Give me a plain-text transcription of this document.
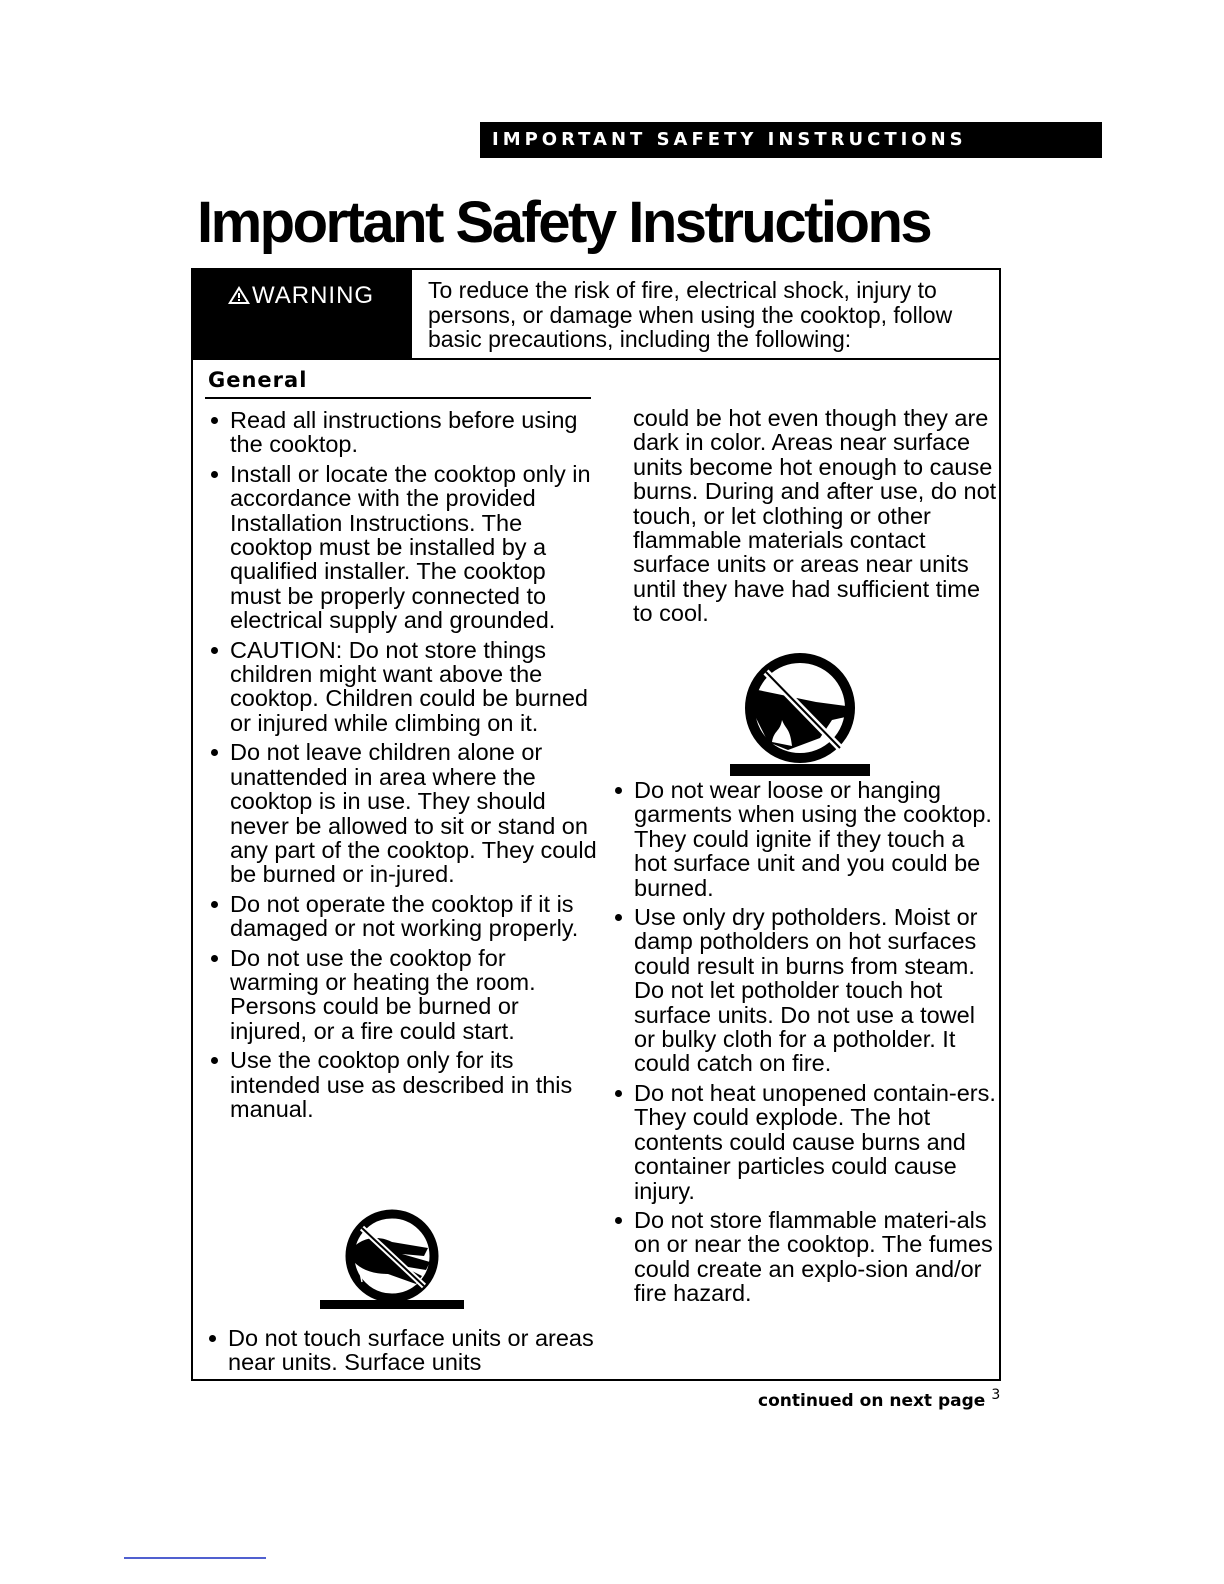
IMPORTANT SAFETY INSTRUCTIONS
Important Safety Instructions
WARNING	To reduce the risk of fire, electrical shock, injury to persons, or damage when using the cooktop, follow basic precautions, including the following:

General
Read all instructions before using the cooktop.
Install or locate the cooktop only in accordance with the provided Installation Instructions. The cooktop must be installed by a qualified installer. The cooktop must be properly connected to electrical supply and grounded.
CAUTION: Do not store things children might want above the cooktop. Children could be burned or injured while climbing on it.
Do not leave children alone or unattended in area where the cooktop is in use. They should never be allowed to sit or stand on any part of the cooktop. They could be burned or in-jured.
Do not operate the cooktop if it is damaged or not working properly.
Do not use the cooktop for warming or heating the room. Persons could be burned or injured, or a fire could start.
Use the cooktop only for its intended use as described in this manual.
Do not touch surface units or areas near units. Surface units
could be hot even though they are dark in color. Areas near surface units become hot enough to cause burns. During and after use, do not touch, or let clothing or other flammable materials contact surface units or areas near units until they have had sufficient time to cool.
Do not wear loose or hanging garments when using the cooktop. They could ignite if they touch a hot surface unit and you could be burned.
Use only dry potholders. Moist or damp potholders on hot surfaces could result in burns from steam. Do not let potholder touch hot surface units. Do not use a towel or bulky cloth for a potholder. It could catch on fire.
Do not heat unopened contain-ers. They could explode. The hot contents could cause burns and container particles could cause injury.
Do not store flammable materi-als on or near the cooktop. The fumes could create an explo-sion and/or fire hazard.

continued on next page $^3$
